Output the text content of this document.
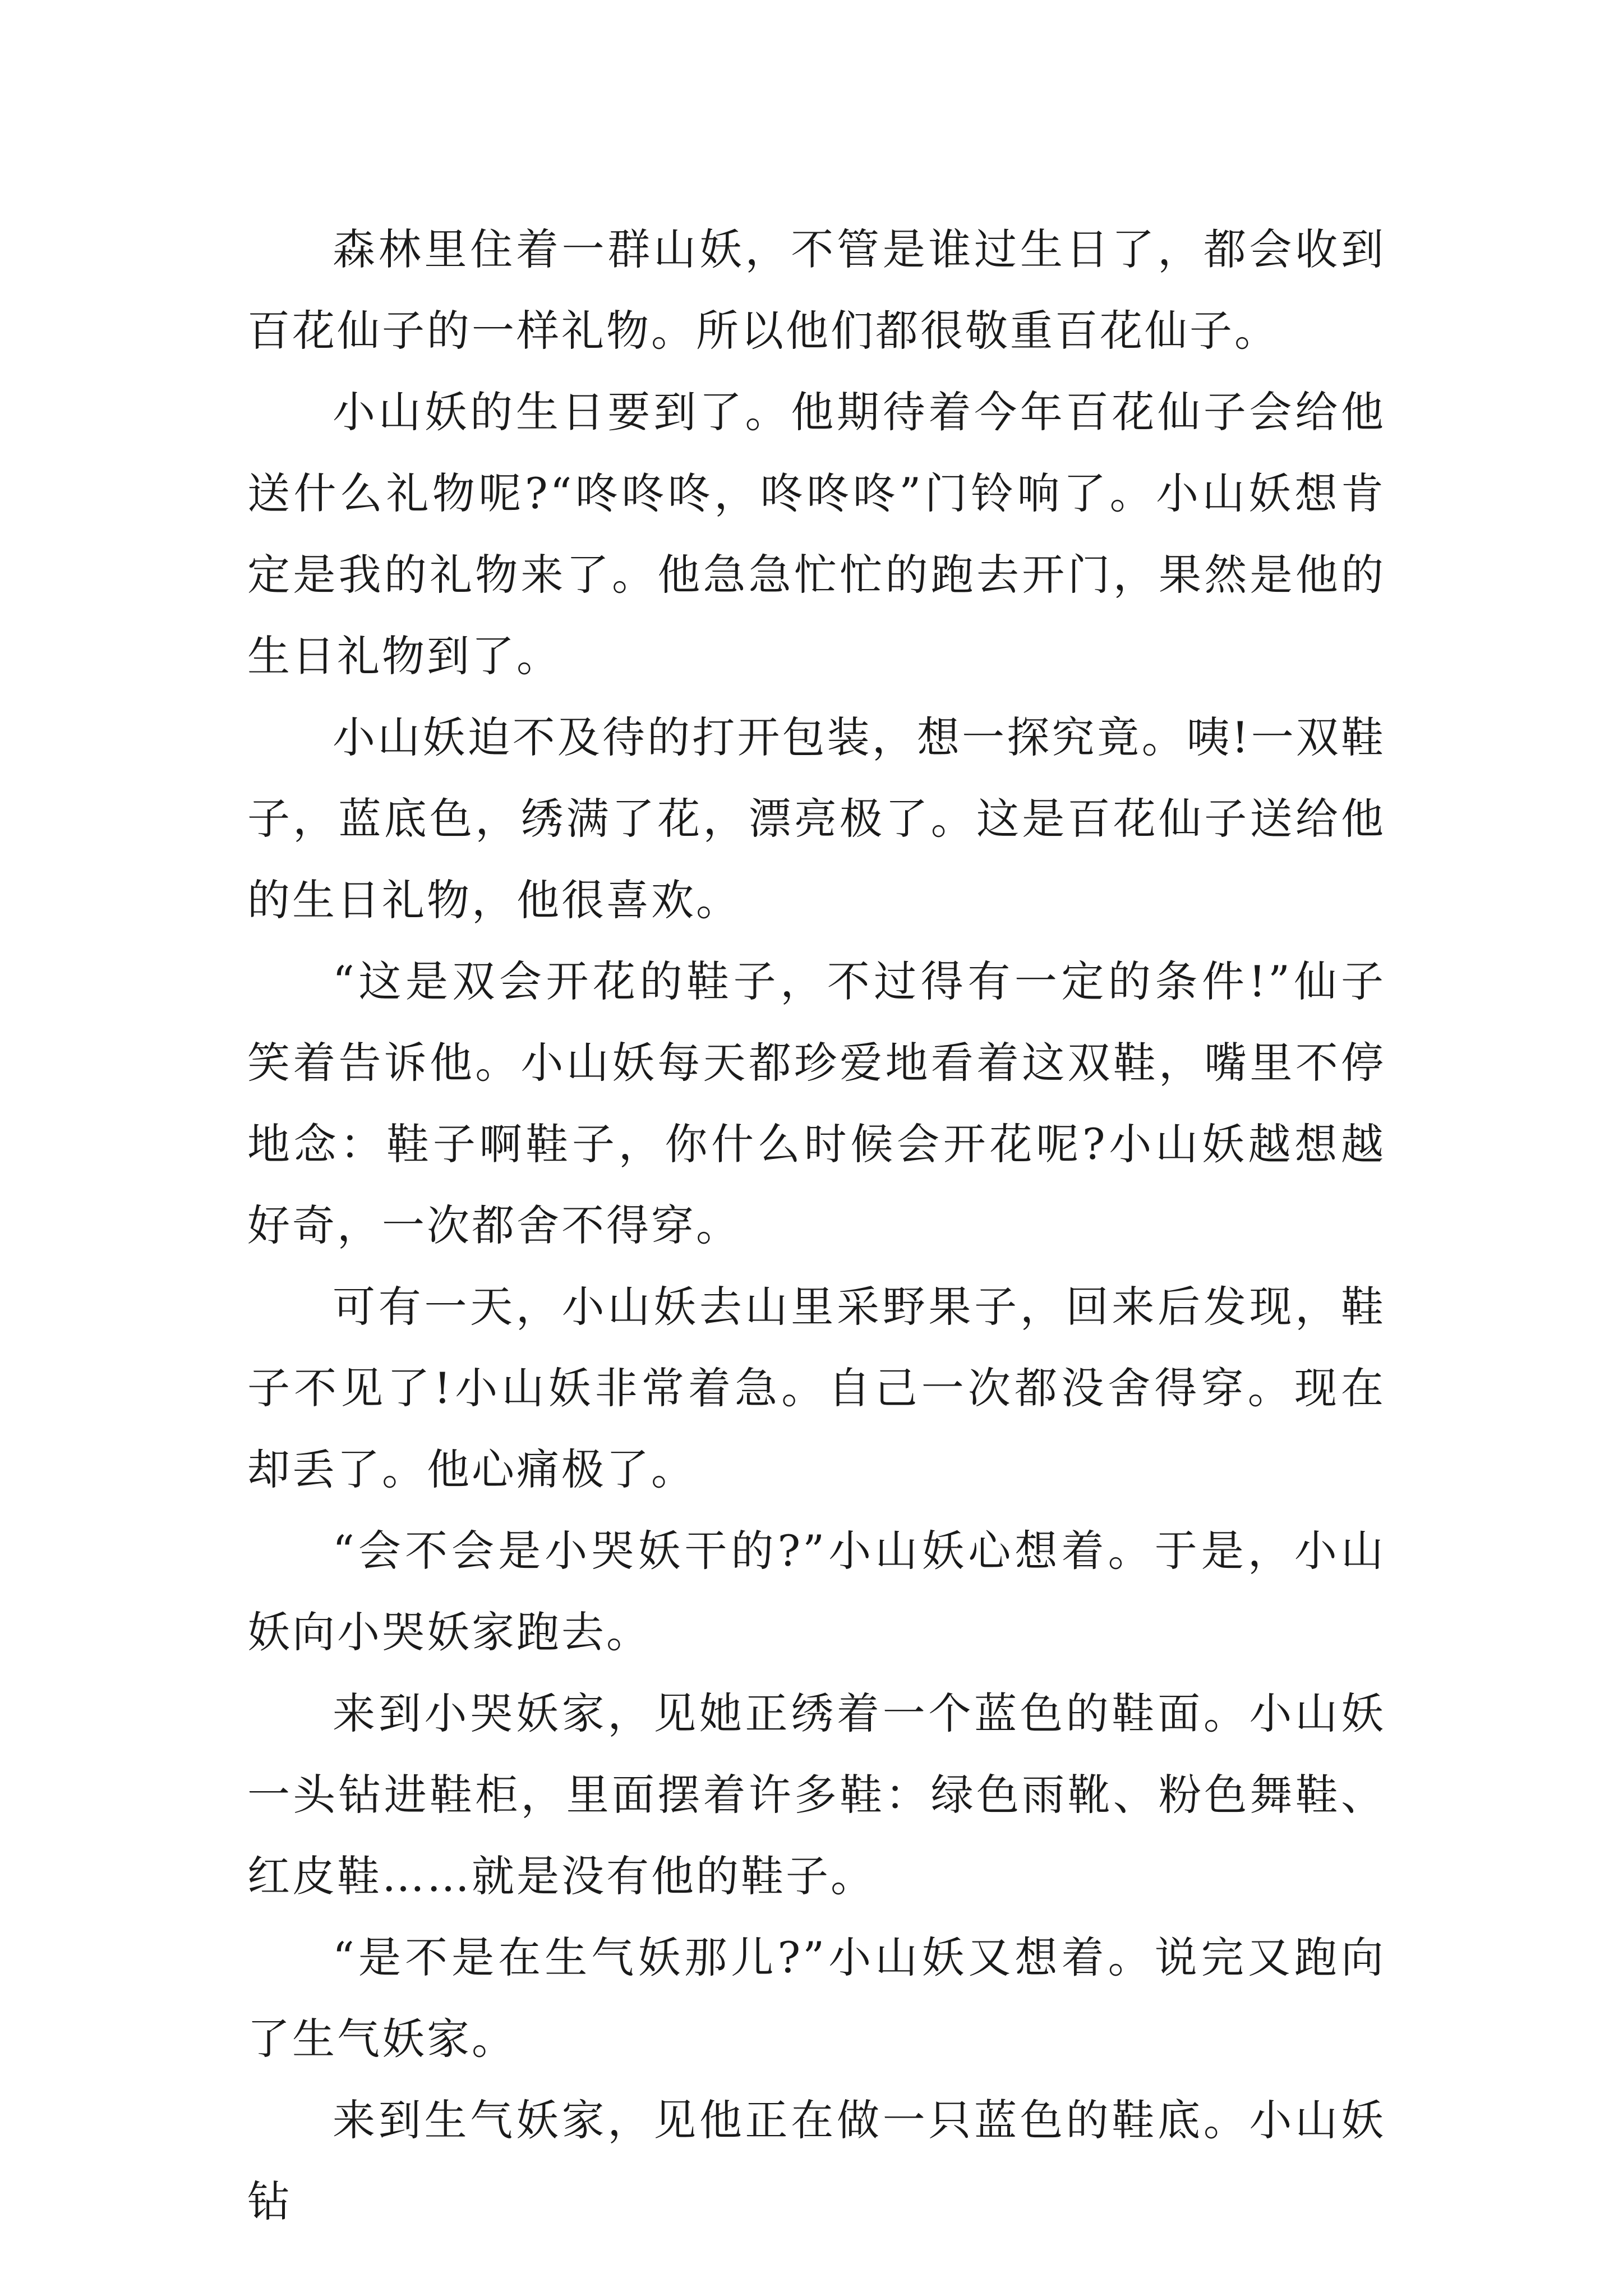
森林里住着一群山妖，不管是谁过生日了，都会收到百花仙子的一样礼物。所以他们都很敬重百花仙子。

小山妖的生日要到了。他期待着今年百花仙子会给他送什么礼物呢?“咚咚咚，咚咚咚”门铃响了。小山妖想肯定是我的礼物来了。他急急忙忙的跑去开门，果然是他的生日礼物到了。

小山妖迫不及待的打开包装，想一探究竟。咦!一双鞋子，蓝底色，绣满了花，漂亮极了。这是百花仙子送给他的生日礼物，他很喜欢。

“这是双会开花的鞋子，不过得有一定的条件!”仙子笑着告诉他。小山妖每天都珍爱地看着这双鞋，嘴里不停地念：鞋子啊鞋子，你什么时候会开花呢?小山妖越想越好奇，一次都舍不得穿。

可有一天，小山妖去山里采野果子，回来后发现，鞋子不见了!小山妖非常着急。自己一次都没舍得穿。现在却丢了。他心痛极了。

“会不会是小哭妖干的?”小山妖心想着。于是，小山妖向小哭妖家跑去。

来到小哭妖家，见她正绣着一个蓝色的鞋面。小山妖一头钻进鞋柜，里面摆着许多鞋：绿色雨靴、粉色舞鞋、红皮鞋……就是没有他的鞋子。

“是不是在生气妖那儿?”小山妖又想着。说完又跑向了生气妖家。

来到生气妖家，见他正在做一只蓝色的鞋底。小山妖钻
